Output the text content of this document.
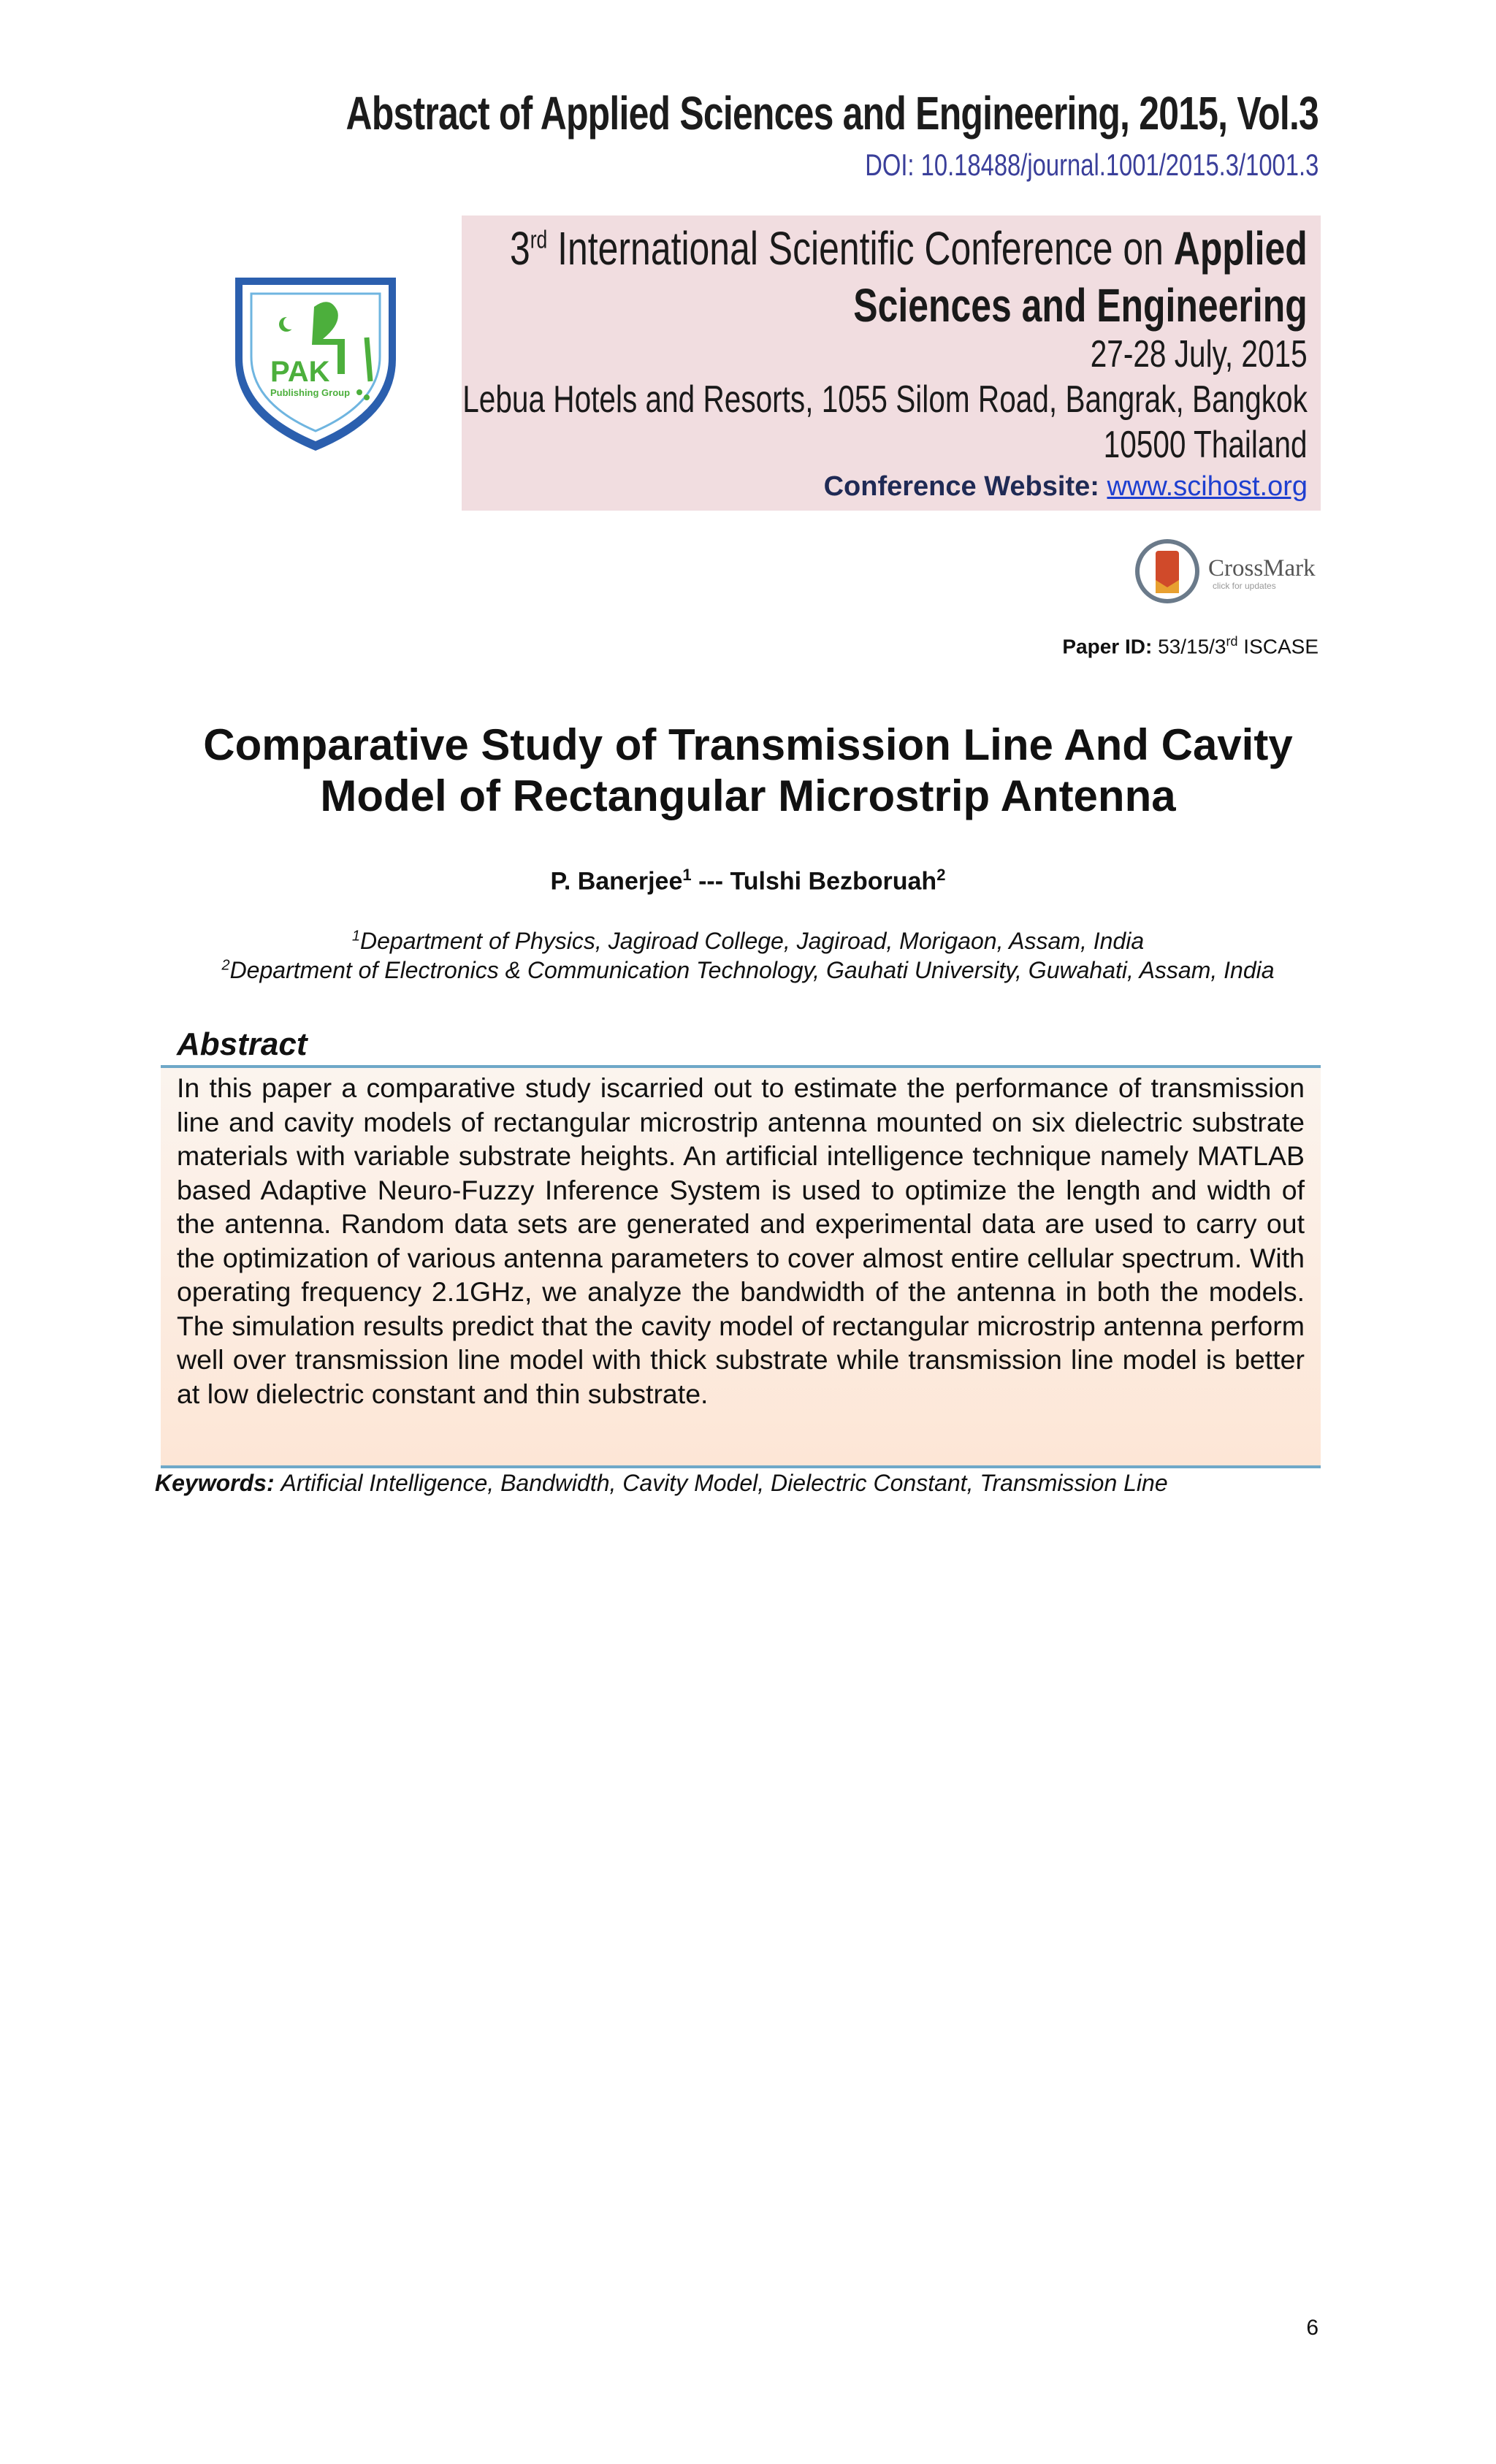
Abstract of Applied Sciences and Engineering, 2015, Vol.3
DOI: 10.18488/journal.1001/2015.3/1001.3
PAK
Publishing Group
3rd International Scientific Conference on Applied
Sciences and Engineering
27-28 July, 2015
Lebua Hotels and Resorts, 1055 Silom Road, Bangrak, Bangkok
10500 Thailand
Conference Website: www.scihost.org
CrossMark
click for updates
Paper ID: 53/15/3rd ISCASE
Comparative Study of Transmission Line And Cavity
Model of Rectangular Microstrip Antenna
P. Banerjee$^1$ --- Tulshi Bezboruah$^2$
$^1$Department of Physics, Jagiroad College, Jagiroad, Morigaon, Assam, India
$^2$Department of Electronics & Communication Technology, Gauhati University, Guwahati, Assam, India
Abstract

In this paper a comparative study iscarried out to estimate the performance of transmission line and cavity models of rectangular microstrip antenna mounted on six dielectric substrate materials with variable substrate heights. An artificial intelligence technique namely MATLAB based Adaptive Neuro-Fuzzy Inference System is used to optimize the length and width of the antenna. Random data sets are generated and experimental data are used to carry out the optimization of various antenna parameters to cover almost entire cellular spectrum. With operating frequency 2.1GHz, we analyze the bandwidth of the antenna in both the models. The simulation results predict that the cavity model of rectangular microstrip antenna perform well over transmission line model with thick substrate while transmission line model is better at low dielectric constant and thin substrate.

Keywords: Artificial Intelligence, Bandwidth, Cavity Model, Dielectric Constant, Transmission Line
6
